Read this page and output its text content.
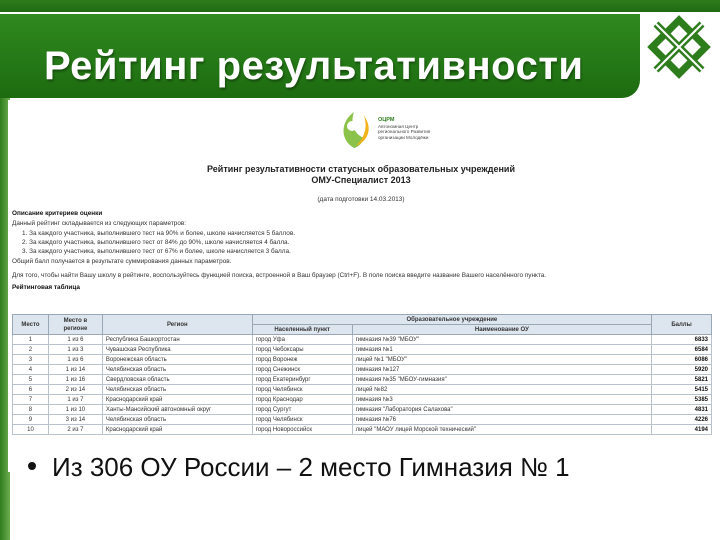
Рейтинг результативности
ОЦРМ
Автономная Центр
регионального Развития
организации Молодёжи
Рейтинг результативности статусных образовательных учреждений
ОМУ-Специалист 2013
(дата подготовки 14.03.2013)
Описание критериев оценки
Данный рейтинг складывается из следующих параметров:
1. За каждого участника, выполнившего тест на 90% и более, школе начисляется 5 баллов.
2. За каждого участника, выполнившего тест от 84% до 90%, школе начисляется 4 балла.
3. За каждого участника, выполнившего тест от 67% и более, школе начисляется 3 балла.
Общий балл получается в результате суммирования данных параметров.
Для того, чтобы найти Вашу школу в рейтинге, воспользуйтесь функцией поиска, встроенной в Ваш браузер (Ctrl+F). В поле поиска введите название Вашего населённого пункта.
Рейтинговая таблица
Место	Место в регионе	Регион	Образовательное учреждение		Баллы
			Населенный пункт	Наименование ОУ	
1	1 из 6	Республика Башкортостан	город Уфа	гимназия №39 "МБОУ"	6833
2	1 из 3	Чувашская Республика	город Чебоксары	гимназия №1	6584
3	1 из 6	Воронежская область	город Воронеж	лицей №1 "МБОУ"	6086
4	1 из 14	Челябинская область	город Снежинск	гимназия №127	5920
5	1 из 16	Свердловская область	город Екатеринбург	гимназия №35 "МБОУ-гимназия"	5821
6	2 из 14	Челябинская область	город Челябинск	лицей №82	5415
7	1 из 7	Краснодарский край	город Краснодар	гимназия №3	5385
8	1 из 10	Ханты-Мансийский автономный округ	город Сургут	гимназия "Лаборатория Салахова"	4831
9	3 из 14	Челябинская область	город Челябинск	гимназия №76	4226
10	2 из 7	Краснодарский край	город Новороссийск	лицей "МАОУ лицей Морской технический"	4194
Из 306 ОУ России – 2 место Гимназия № 1
